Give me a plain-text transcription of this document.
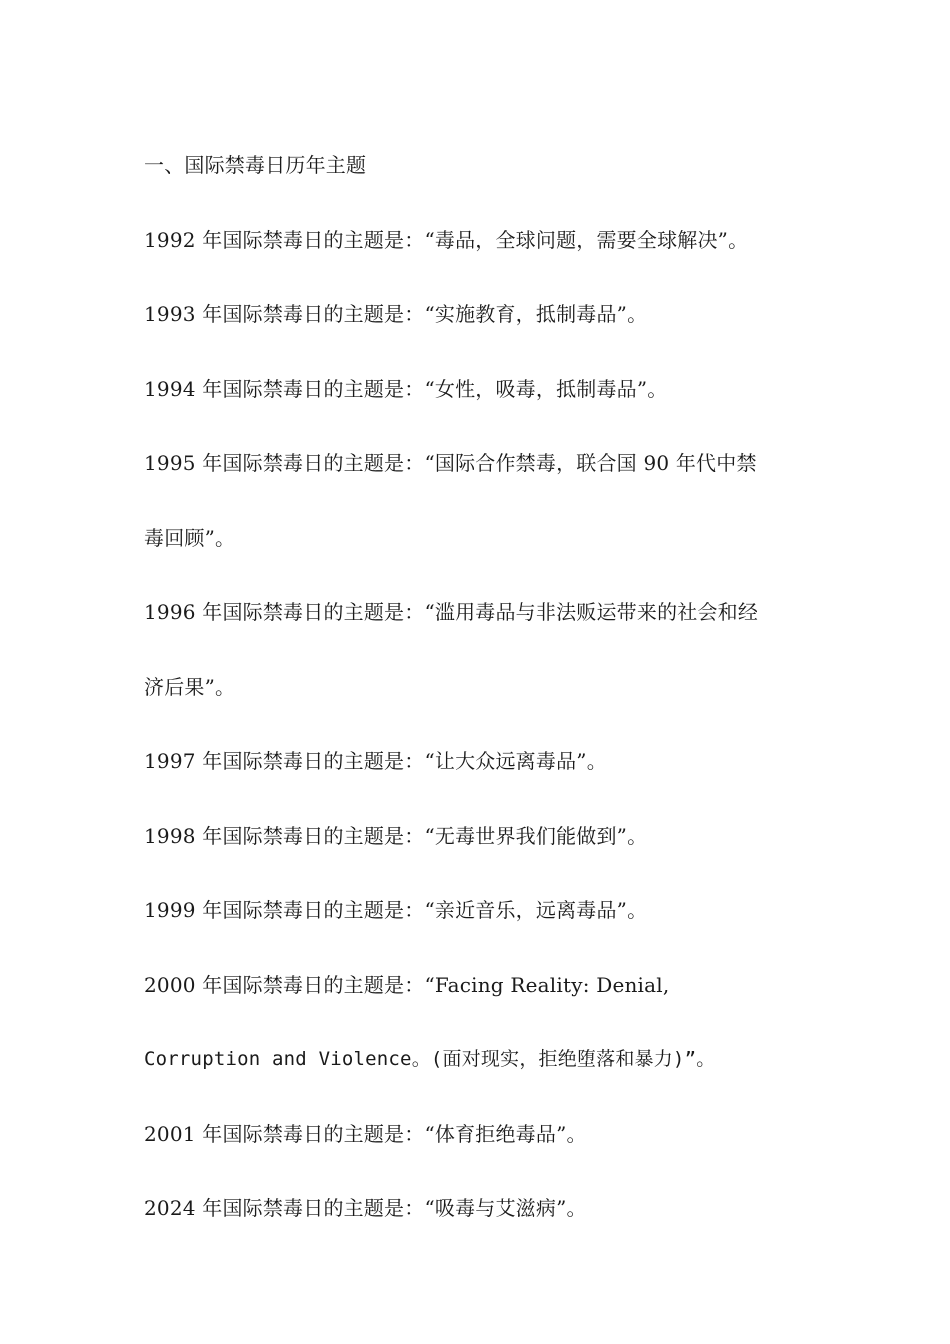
一、国际禁毒日历年主题
1992 年国际禁毒日的主题是：“毒品，全球问题，需要全球解决”。
1993 年国际禁毒日的主题是：“实施教育，抵制毒品”。
1994 年国际禁毒日的主题是：“女性，吸毒，抵制毒品”。
1995 年国际禁毒日的主题是：“国际合作禁毒，联合国 90 年代中禁
毒回顾”。
1996 年国际禁毒日的主题是：“滥用毒品与非法贩运带来的社会和经
济后果”。
1997 年国际禁毒日的主题是：“让大众远离毒品”。
1998 年国际禁毒日的主题是：“无毒世界我们能做到”。
1999 年国际禁毒日的主题是：“亲近音乐，远离毒品”。
2000 年国际禁毒日的主题是：“Facing Reality: Denial,
Corruption and Violence。(面对现实，拒绝堕落和暴力)”。
2001 年国际禁毒日的主题是：“体育拒绝毒品”。
2024 年国际禁毒日的主题是：“吸毒与艾滋病”。
